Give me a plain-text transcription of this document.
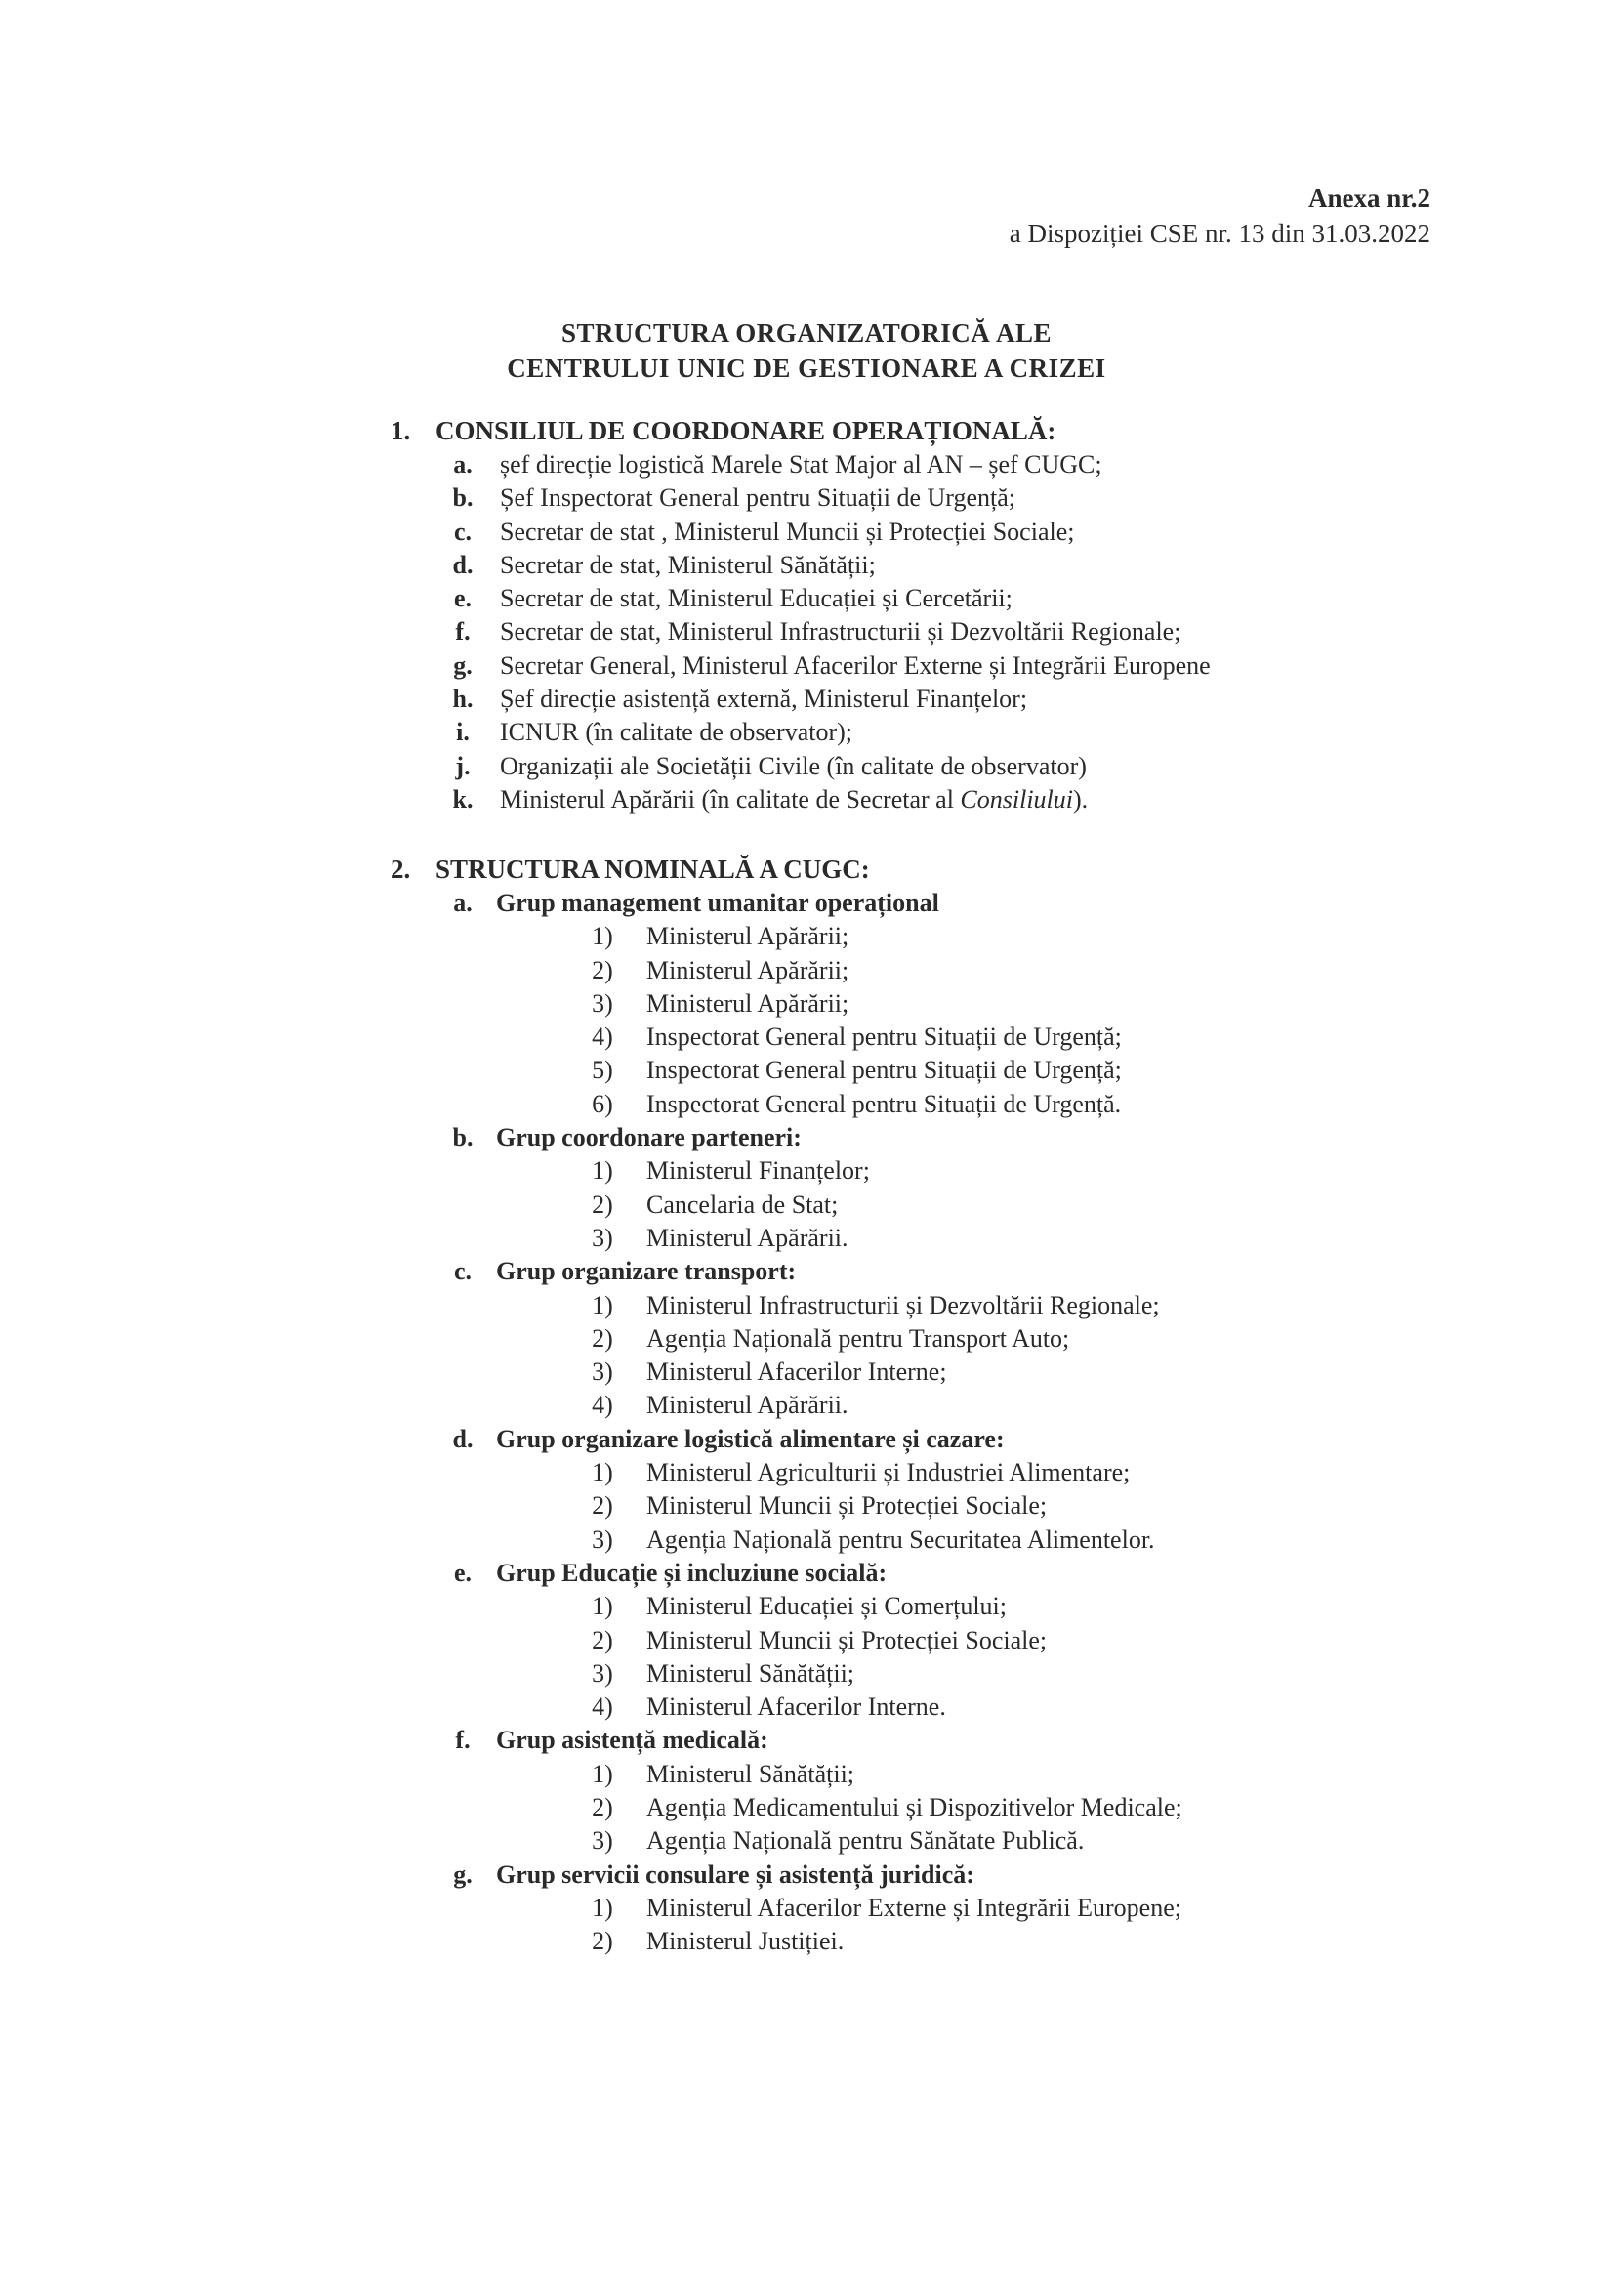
Anexa nr.2
a Dispoziției CSE nr. 13 din 31.03.2022
STRUCTURA ORGANIZATORICĂ ALE
CENTRULUI UNIC DE GESTIONARE A CRIZEI
1. CONSILIUL DE COORDONARE OPERAȚIONALĂ:
a. șef direcție logistică Marele Stat Major al AN – șef CUGC;
b. Șef Inspectorat General pentru Situații de Urgență;
c. Secretar de stat , Ministerul Muncii și Protecției Sociale;
d. Secretar de stat, Ministerul Sănătății;
e. Secretar de stat, Ministerul Educației și Cercetării;
f.	Secretar de stat, Ministerul Infrastructurii și Dezvoltării Regionale;
g. Secretar General, Ministerul Afacerilor Externe și Integrării Europene
h. Șef direcție asistență externă, Ministerul Finanțelor;
i.	ICNUR (în calitate de observator);
j.	Organizații ale Societății Civile (în calitate de observator)
k. Ministerul Apărării (în calitate de Secretar al Consiliului).
2. STRUCTURA NOMINALĂ A CUGC:
a. Grup management umanitar operațional
1)	Ministerul Apărării;
2)	Ministerul Apărării;
3)	Ministerul Apărării;
4)	Inspectorat General pentru Situații de Urgență;
5)	Inspectorat General pentru Situații de Urgență;
6)	Inspectorat General pentru Situații de Urgență.
b. Grup coordonare parteneri:
1)	Ministerul Finanțelor;
2)	Cancelaria de Stat;
3)	Ministerul Apărării.
c. Grup organizare transport:
1)	Ministerul Infrastructurii și Dezvoltării Regionale;
2)	Agenția Națională pentru Transport Auto;
3)	Ministerul Afacerilor Interne;
4)	Ministerul Apărării.
d. Grup organizare logistică alimentare și cazare:
1)	Ministerul Agriculturii și Industriei Alimentare;
2)	Ministerul Muncii și Protecției Sociale;
3)	Agenția Națională pentru Securitatea Alimentelor.
e. Grup Educație și incluziune socială:
1)	Ministerul Educației și Comerțului;
2)	Ministerul Muncii și Protecției Sociale;
3)	Ministerul Sănătății;
4)	Ministerul Afacerilor Interne.
f.	Grup asistență medicală:
1)	Ministerul Sănătății;
2)	Agenția Medicamentului și Dispozitivelor Medicale;
3)	Agenția Națională pentru Sănătate Publică.
g. Grup servicii consulare și asistență juridică:
1)	Ministerul Afacerilor Externe și Integrării Europene;
2)	Ministerul Justiției.
